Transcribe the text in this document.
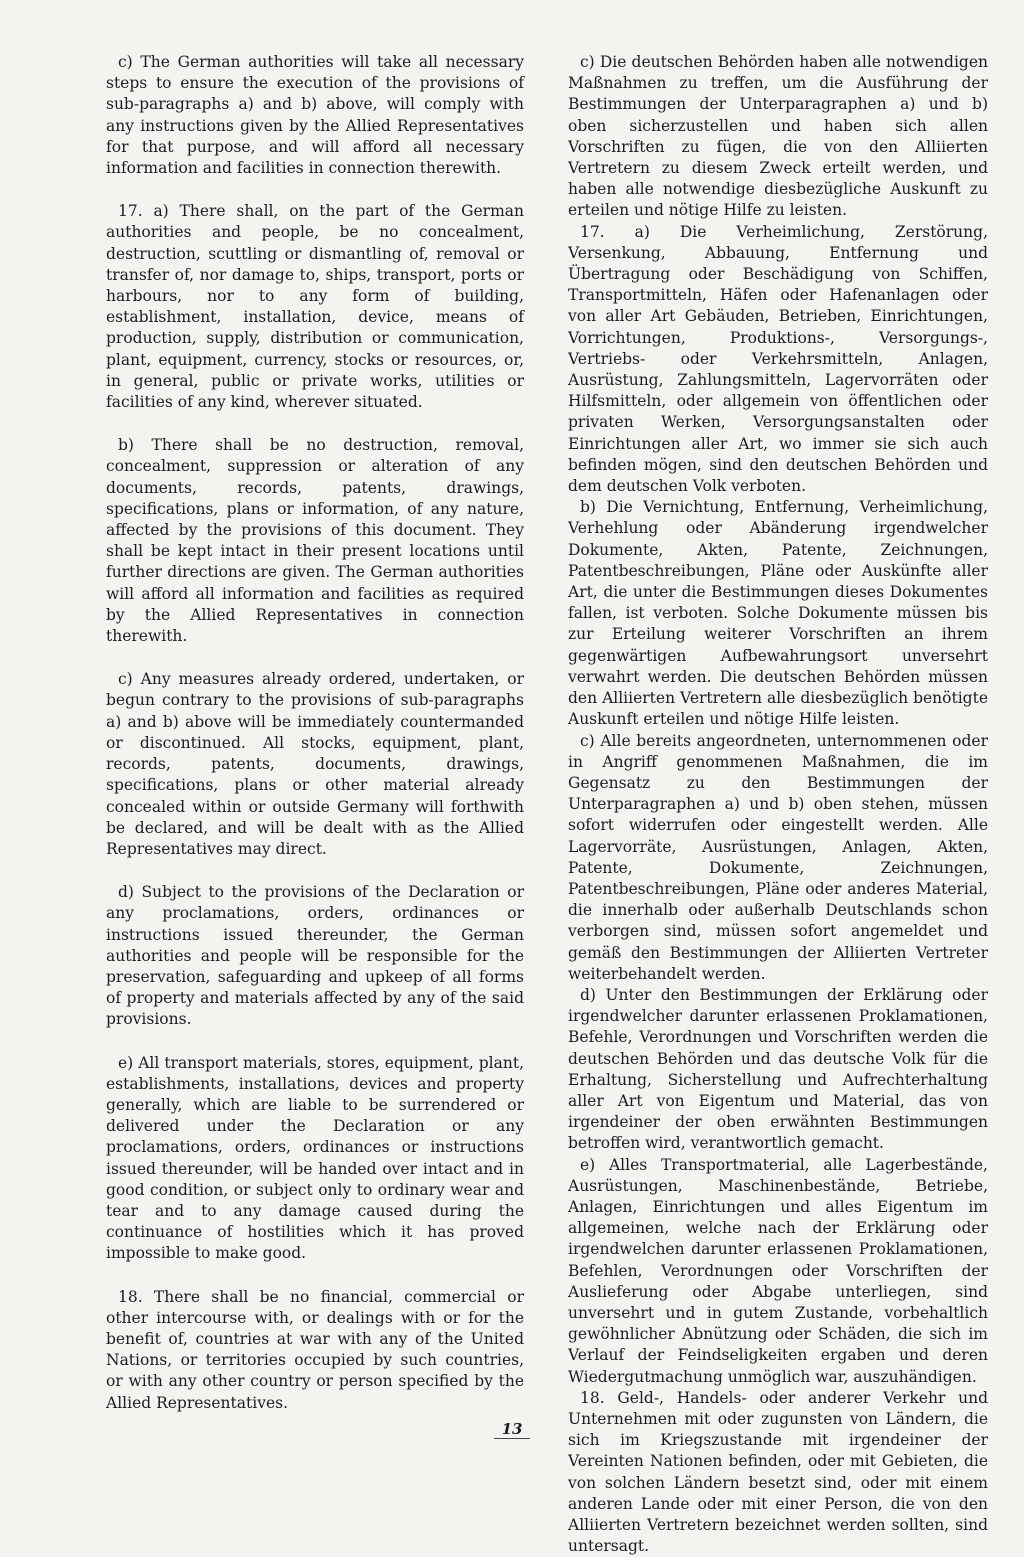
c) The German authorities will take all necessary steps to ensure the execution of the provisions of sub-paragraphs a) and b) above, will comply with any instructions given by the Allied Representatives for that purpose, and will afford all necessary information and facilities in connection therewith.

17. a) There shall, on the part of the German authorities and people, be no concealment, destruction, scuttling or dismantling of, removal or transfer of, nor damage to, ships, transport, ports or harbours, nor to any form of building, establishment, installation, device, means of production, supply, distribution or communication, plant, equipment, currency, stocks or resources, or, in general, public or private works, utilities or facilities of any kind, wherever situated.

b) There shall be no destruction, removal, concealment, suppression or alteration of any documents, records, patents, drawings, specifications, plans or information, of any nature, affected by the provisions of this document. They shall be kept intact in their present locations until further directions are given. The German authorities will afford all information and facilities as required by the Allied Representatives in connection therewith.

c) Any measures already ordered, undertaken, or begun contrary to the provisions of sub-paragraphs a) and b) above will be immediately countermanded or discontinued. All stocks, equipment, plant, records, patents, documents, drawings, specifications, plans or other material already concealed within or outside Germany will forthwith be declared, and will be dealt with as the Allied Representatives may direct.

d) Subject to the provisions of the Declaration or any proclamations, orders, ordinances or instructions issued thereunder, the German authorities and people will be responsible for the preservation, safeguarding and upkeep of all forms of property and materials affected by any of the said provisions.

e) All transport materials, stores, equipment, plant, establishments, installations, devices and property generally, which are liable to be surrendered or delivered under the Declaration or any proclamations, orders, ordinances or instructions issued thereunder, will be handed over intact and in good condition, or subject only to ordinary wear and tear and to any damage caused during the continuance of hostilities which it has proved impossible to make good.

18. There shall be no financial, commercial or other intercourse with, or dealings with or for the benefit of, countries at war with any of the United Nations, or territories occupied by such countries, or with any other country or person specified by the Allied Representatives.

c) Die deutschen Behörden haben alle notwendigen Maßnahmen zu treffen, um die Ausführung der Bestimmungen der Unterparagraphen a) und b) oben sicherzustellen und haben sich allen Vorschriften zu fügen, die von den Alliierten Vertretern zu diesem Zweck erteilt werden, und haben alle notwendige diesbezügliche Auskunft zu erteilen und nötige Hilfe zu leisten.

17. a) Die Verheimlichung, Zerstörung, Versenkung, Abbauung, Entfernung und Übertragung oder Beschädigung von Schiffen, Transportmitteln, Häfen oder Hafenanlagen oder von aller Art Gebäuden, Betrieben, Einrichtungen, Vorrichtungen, Produktions-, Versorgungs-, Vertriebs- oder Verkehrsmitteln, Anlagen, Ausrüstung, Zahlungsmitteln, Lagervorräten oder Hilfsmitteln, oder allgemein von öffentlichen oder privaten Werken, Versorgungsanstalten oder Einrichtungen aller Art, wo immer sie sich auch befinden mögen, sind den deutschen Behörden und dem deutschen Volk verboten.

b) Die Vernichtung, Entfernung, Verheimlichung, Verhehlung oder Abänderung irgendwelcher Dokumente, Akten, Patente, Zeichnungen, Patentbeschreibungen, Pläne oder Auskünfte aller Art, die unter die Bestimmungen dieses Dokumentes fallen, ist verboten. Solche Dokumente müssen bis zur Erteilung weiterer Vorschriften an ihrem gegenwärtigen Aufbewahrungsort unversehrt verwahrt werden. Die deutschen Behörden müssen den Alliierten Vertretern alle diesbezüglich benötigte Auskunft erteilen und nötige Hilfe leisten.

c) Alle bereits angeordneten, unternommenen oder in Angriff genommenen Maßnahmen, die im Gegensatz zu den Bestimmungen der Unterparagraphen a) und b) oben stehen, müssen sofort widerrufen oder eingestellt werden. Alle Lagervorräte, Ausrüstungen, Anlagen, Akten, Patente, Dokumente, Zeichnungen, Patentbeschreibungen, Pläne oder anderes Material, die innerhalb oder außerhalb Deutschlands schon verborgen sind, müssen sofort angemeldet und gemäß den Bestimmungen der Alliierten Vertreter weiterbehandelt werden.

d) Unter den Bestimmungen der Erklärung oder irgendwelcher darunter erlassenen Proklamationen, Befehle, Verordnungen und Vorschriften werden die deutschen Behörden und das deutsche Volk für die Erhaltung, Sicherstellung und Aufrechterhaltung aller Art von Eigentum und Material, das von irgendeiner der oben erwähnten Bestimmungen betroffen wird, verantwortlich gemacht.

e) Alles Transportmaterial, alle Lagerbestände, Ausrüstungen, Maschinenbestände, Betriebe, Anlagen, Einrichtungen und alles Eigentum im allgemeinen, welche nach der Erklärung oder irgendwelchen darunter erlassenen Proklamationen, Befehlen, Verordnungen oder Vorschriften der Auslieferung oder Abgabe unterliegen, sind unversehrt und in gutem Zustande, vorbehaltlich gewöhnlicher Abnützung oder Schäden, die sich im Verlauf der Feindseligkeiten ergaben und deren Wiedergutmachung unmöglich war, auszuhändigen.

18. Geld-, Handels- oder anderer Verkehr und Unternehmen mit oder zugunsten von Ländern, die sich im Kriegszustande mit irgendeiner der Vereinten Nationen befinden, oder mit Gebieten, die von solchen Ländern besetzt sind, oder mit einem anderen Lande oder mit einer Person, die von den Alliierten Vertretern bezeichnet werden sollten, sind untersagt.

13
